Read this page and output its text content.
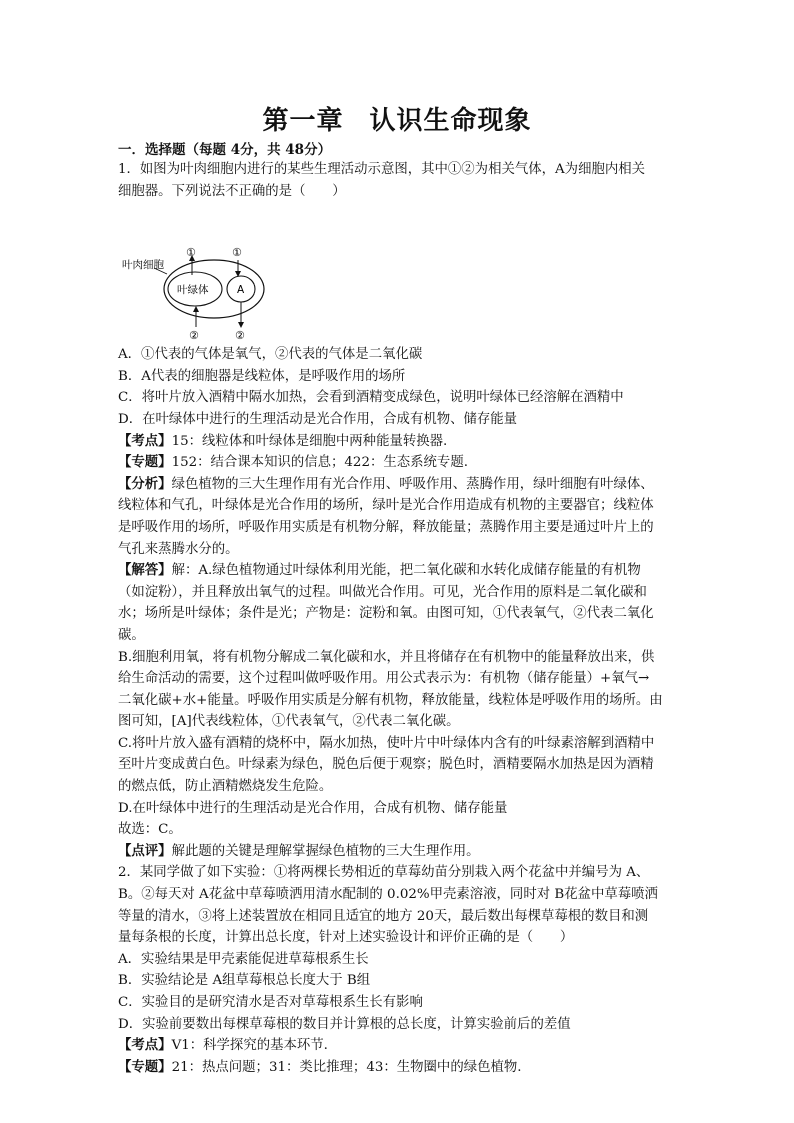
第一章 认识生命现象
一．选择题（每题 4分，共 48分）

1．如图为叶肉细胞内进行的某些生理活动示意图，其中①②为相关气体，A为细胞内相关

细胞器。下列说法不正确的是（　　）

叶肉细胞
叶绿体	A
①	①
②	②

A．①代表的气体是氧气，②代表的气体是二氧化碳

B．A代表的细胞器是线粒体，是呼吸作用的场所

C．将叶片放入酒精中隔水加热，会看到酒精变成绿色，说明叶绿体已经溶解在酒精中

D．在叶绿体中进行的生理活动是光合作用，合成有机物、储存能量

【考点】15：线粒体和叶绿体是细胞中两种能量转换器.

【专题】152：结合课本知识的信息；422：生态系统专题.

【分析】绿色植物的三大生理作用有光合作用、呼吸作用、蒸腾作用，绿叶细胞有叶绿体、

线粒体和气孔，叶绿体是光合作用的场所，绿叶是光合作用造成有机物的主要器官；线粒体

是呼吸作用的场所，呼吸作用实质是有机物分解，释放能量；蒸腾作用主要是通过叶片上的

气孔来蒸腾水分的。

【解答】解：A.绿色植物通过叶绿体利用光能，把二氧化碳和水转化成储存能量的有机物

（如淀粉），并且释放出氧气的过程。叫做光合作用。可见，光合作用的原料是二氧化碳和

水；场所是叶绿体；条件是光；产物是：淀粉和氧。由图可知，①代表氧气，②代表二氧化

碳。

B.细胞利用氧，将有机物分解成二氧化碳和水，并且将储存在有机物中的能量释放出来，供

给生命活动的需要，这个过程叫做呼吸作用。用公式表示为：有机物（储存能量）+氧气→

二氧化碳+水+能量。呼吸作用实质是分解有机物，释放能量，线粒体是呼吸作用的场所。由

图可知，[A]代表线粒体，①代表氧气，②代表二氧化碳。

C.将叶片放入盛有酒精的烧杯中，隔水加热，使叶片中叶绿体内含有的叶绿素溶解到酒精中

至叶片变成黄白色。叶绿素为绿色，脱色后便于观察；脱色时，酒精要隔水加热是因为酒精

的燃点低，防止酒精燃烧发生危险。

D.在叶绿体中进行的生理活动是光合作用，合成有机物、储存能量

故选：C。

【点评】解此题的关键是理解掌握绿色植物的三大生理作用。

2．某同学做了如下实验：①将两棵长势相近的草莓幼苗分别栽入两个花盆中并编号为 A、

B。②每天对 A花盆中草莓喷洒用清水配制的 0.02%甲壳素溶液，同时对 B花盆中草莓喷洒

等量的清水，③将上述装置放在相同且适宜的地方 20天，最后数出每棵草莓根的数目和测

量每条根的长度，计算出总长度，针对上述实验设计和评价正确的是（　　）

A．实验结果是甲壳素能促进草莓根系生长

B．实验结论是 A组草莓根总长度大于 B组

C．实验目的是研究清水是否对草莓根系生长有影响

D．实验前要数出每棵草莓根的数目并计算根的总长度，计算实验前后的差值

【考点】V1：科学探究的基本环节.

【专题】21：热点问题；31：类比推理；43：生物圈中的绿色植物.
